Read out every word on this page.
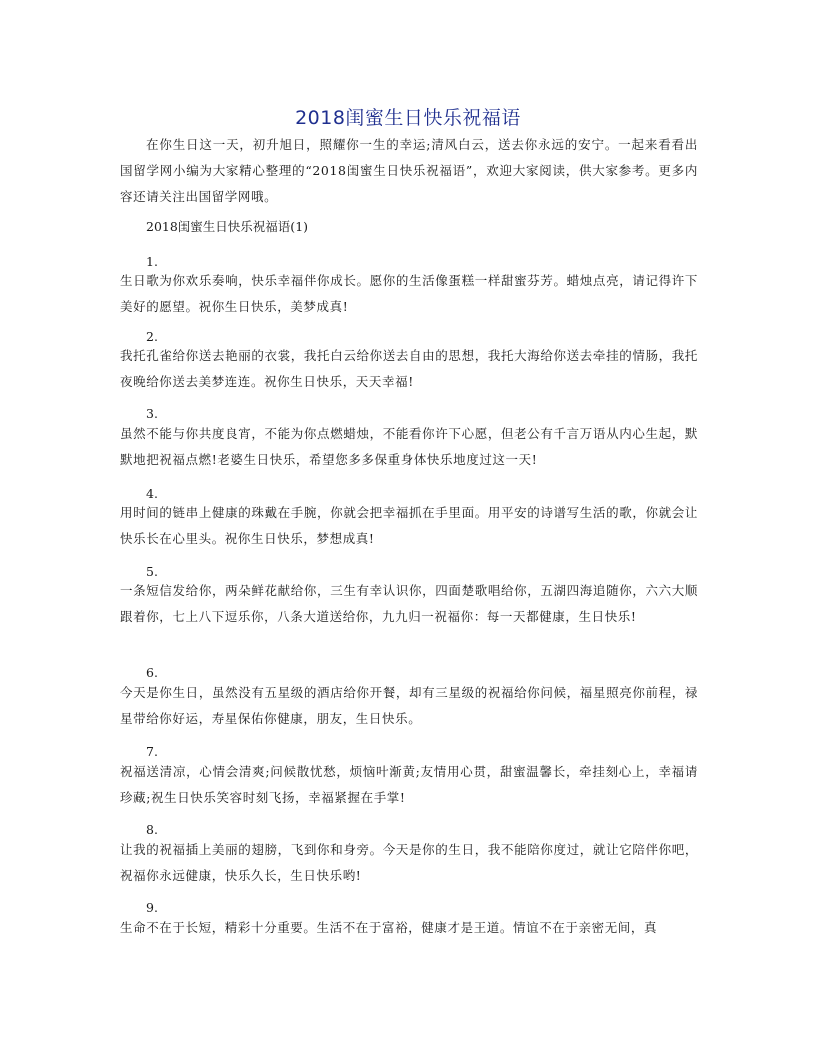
2018闺蜜生日快乐祝福语
在你生日这一天，初升旭日，照耀你一生的幸运;清风白云，送去你永远的安宁。一起来看看出国留学网小编为大家精心整理的“2018闺蜜生日快乐祝福语”，欢迎大家阅读，供大家参考。更多内容还请关注出国留学网哦。
2018闺蜜生日快乐祝福语(1)
1.
生日歌为你欢乐奏响，快乐幸福伴你成长。愿你的生活像蛋糕一样甜蜜芬芳。蜡烛点亮，请记得许下美好的愿望。祝你生日快乐，美梦成真!
2.
我托孔雀给你送去艳丽的衣裳，我托白云给你送去自由的思想，我托大海给你送去牵挂的情肠，我托夜晚给你送去美梦连连。祝你生日快乐，天天幸福!
3.
虽然不能与你共度良宵，不能为你点燃蜡烛，不能看你许下心愿，但老公有千言万语从内心生起，默默地把祝福点燃!老婆生日快乐，希望您多多保重身体快乐地度过这一天!
4.
用时间的链串上健康的珠戴在手腕，你就会把幸福抓在手里面。用平安的诗谱写生活的歌，你就会让快乐长在心里头。祝你生日快乐，梦想成真!
5.
一条短信发给你，两朵鲜花献给你，三生有幸认识你，四面楚歌唱给你，五湖四海追随你，六六大顺跟着你，七上八下逗乐你，八条大道送给你，九九归一祝福你：每一天都健康，生日快乐!
6.
今天是你生日，虽然没有五星级的酒店给你开餐，却有三星级的祝福给你问候，福星照亮你前程，禄星带给你好运，寿星保佑你健康，朋友，生日快乐。
7.
祝福送清凉，心情会清爽;问候散忧愁，烦恼叶渐黄;友情用心贯，甜蜜温馨长，牵挂刻心上，幸福请珍藏;祝生日快乐笑容时刻飞扬，幸福紧握在手掌!
8.
让我的祝福插上美丽的翅膀，飞到你和身旁。今天是你的生日，我不能陪你度过，就让它陪伴你吧，祝福你永远健康，快乐久长，生日快乐哟!
9.
生命不在于长短，精彩十分重要。生活不在于富裕，健康才是王道。情谊不在于亲密无间，真
